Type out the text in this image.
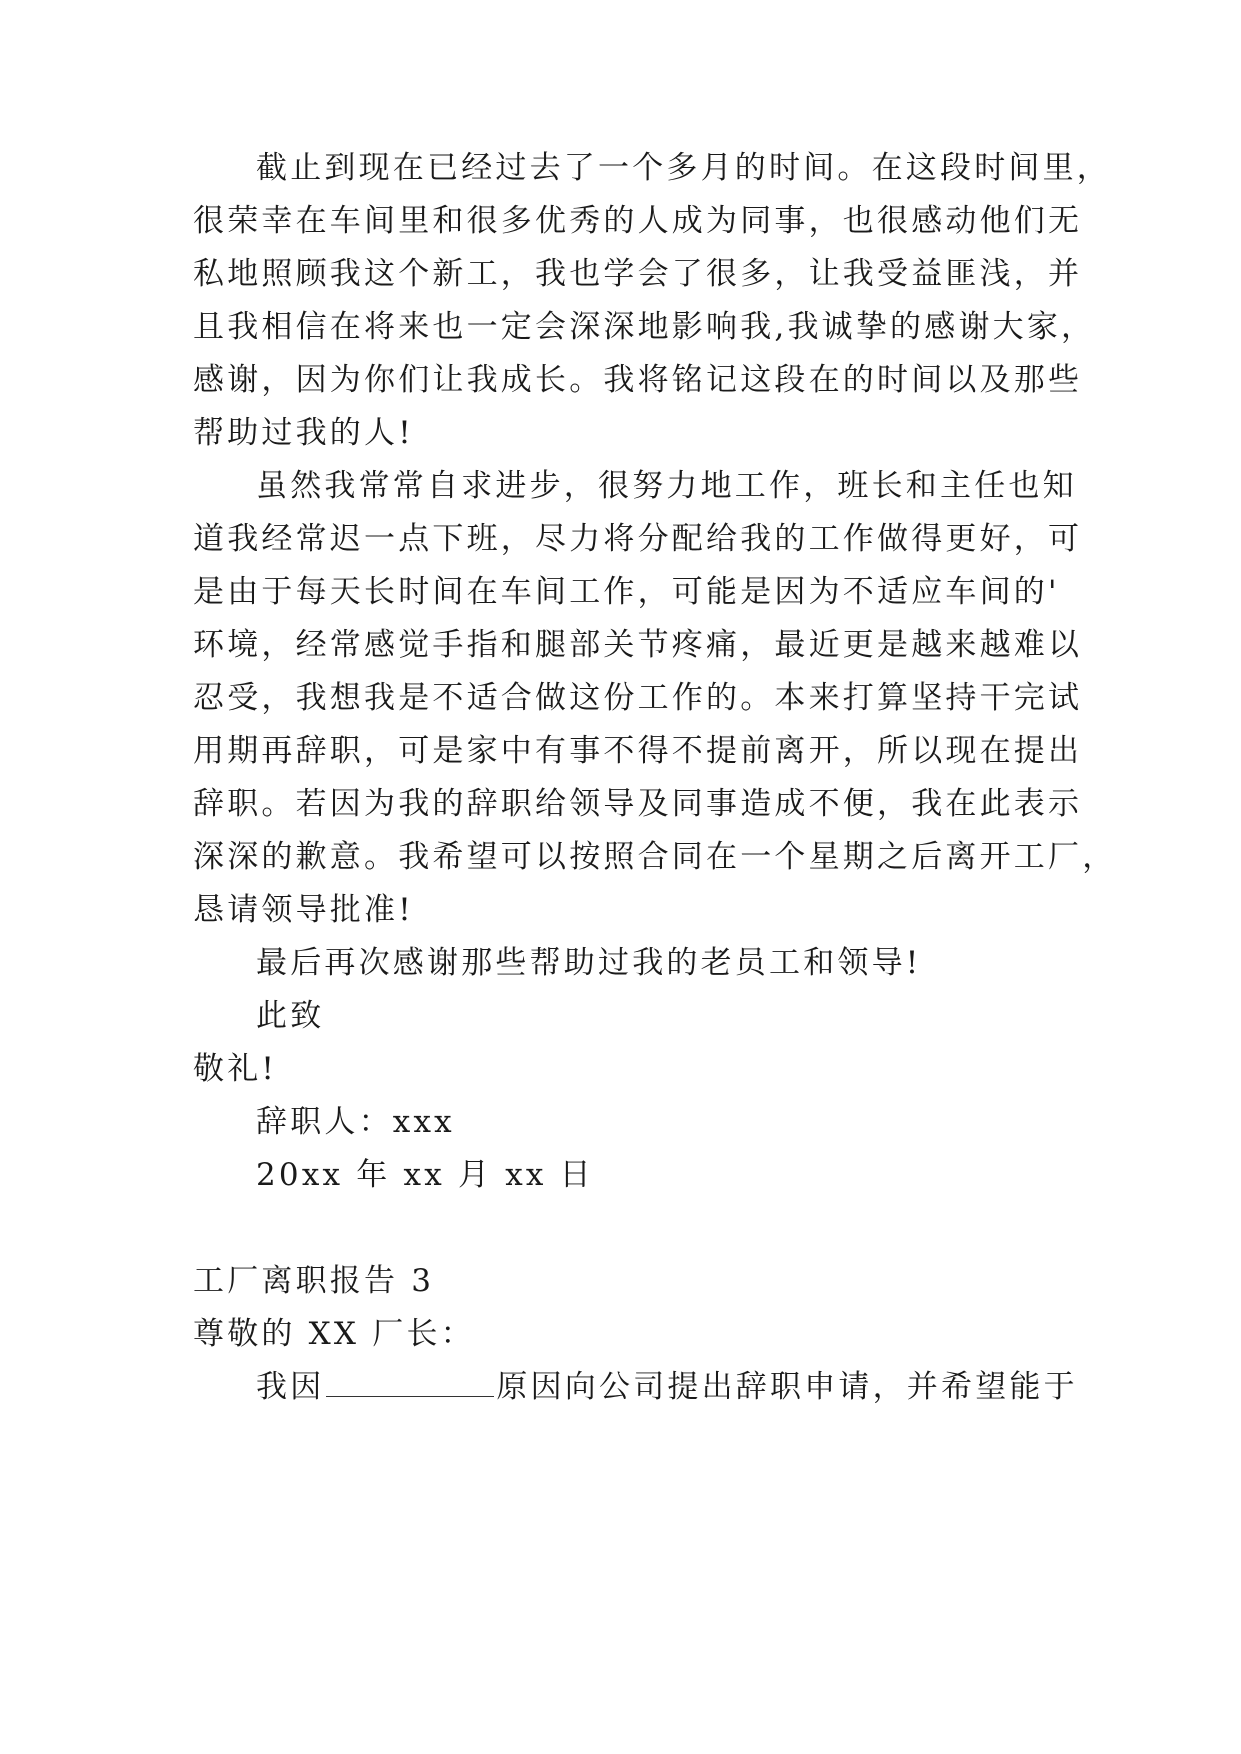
截止到现在已经过去了一个多月的时间。在这段时间里，
很荣幸在车间里和很多优秀的人成为同事，也很感动他们无
私地照顾我这个新工，我也学会了很多，让我受益匪浅，并
且我相信在将来也一定会深深地影响我,我诚挚的感谢大家，
感谢，因为你们让我成长。我将铭记这段在的时间以及那些
帮助过我的人!
虽然我常常自求进步，很努力地工作，班长和主任也知
道我经常迟一点下班，尽力将分配给我的工作做得更好，可
是由于每天长时间在车间工作，可能是因为不适应车间的'
环境，经常感觉手指和腿部关节疼痛，最近更是越来越难以
忍受，我想我是不适合做这份工作的。本来打算坚持干完试
用期再辞职，可是家中有事不得不提前离开，所以现在提出
辞职。若因为我的辞职给领导及同事造成不便，我在此表示
深深的歉意。我希望可以按照合同在一个星期之后离开工厂，
恳请领导批准!
最后再次感谢那些帮助过我的老员工和领导!
此致
敬礼!
辞职人：xxx
20xx 年 xx 月 xx 日
工厂离职报告 3
尊敬的 XX 厂长：
我因	原因向公司提出辞职申请，并希望能于
